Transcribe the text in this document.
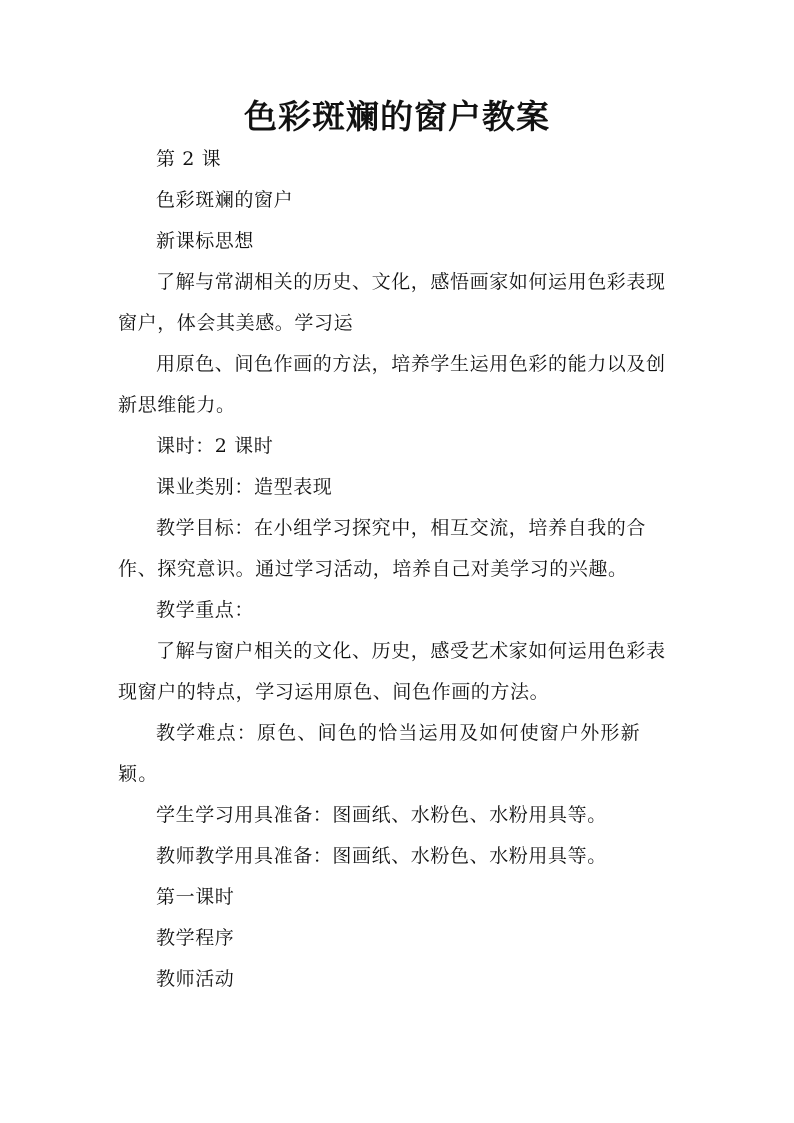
色彩斑斓的窗户教案

第 2 课

色彩斑斓的窗户

新课标思想

了解与常湖相关的历史、文化，感悟画家如何运用色彩表现窗户，体会其美感。学习运

用原色、间色作画的方法，培养学生运用色彩的能力以及创新思维能力。

课时：2 课时

课业类别：造型表现

教学目标：在小组学习探究中，相互交流，培养自我的合作、探究意识。通过学习活动，培养自己对美学习的兴趣。

教学重点：

了解与窗户相关的文化、历史，感受艺术家如何运用色彩表现窗户的特点，学习运用原色、间色作画的方法。

教学难点：原色、间色的恰当运用及如何使窗户外形新颖。

学生学习用具准备：图画纸、水粉色、水粉用具等。

教师教学用具准备：图画纸、水粉色、水粉用具等。

第一课时

教学程序

教师活动
